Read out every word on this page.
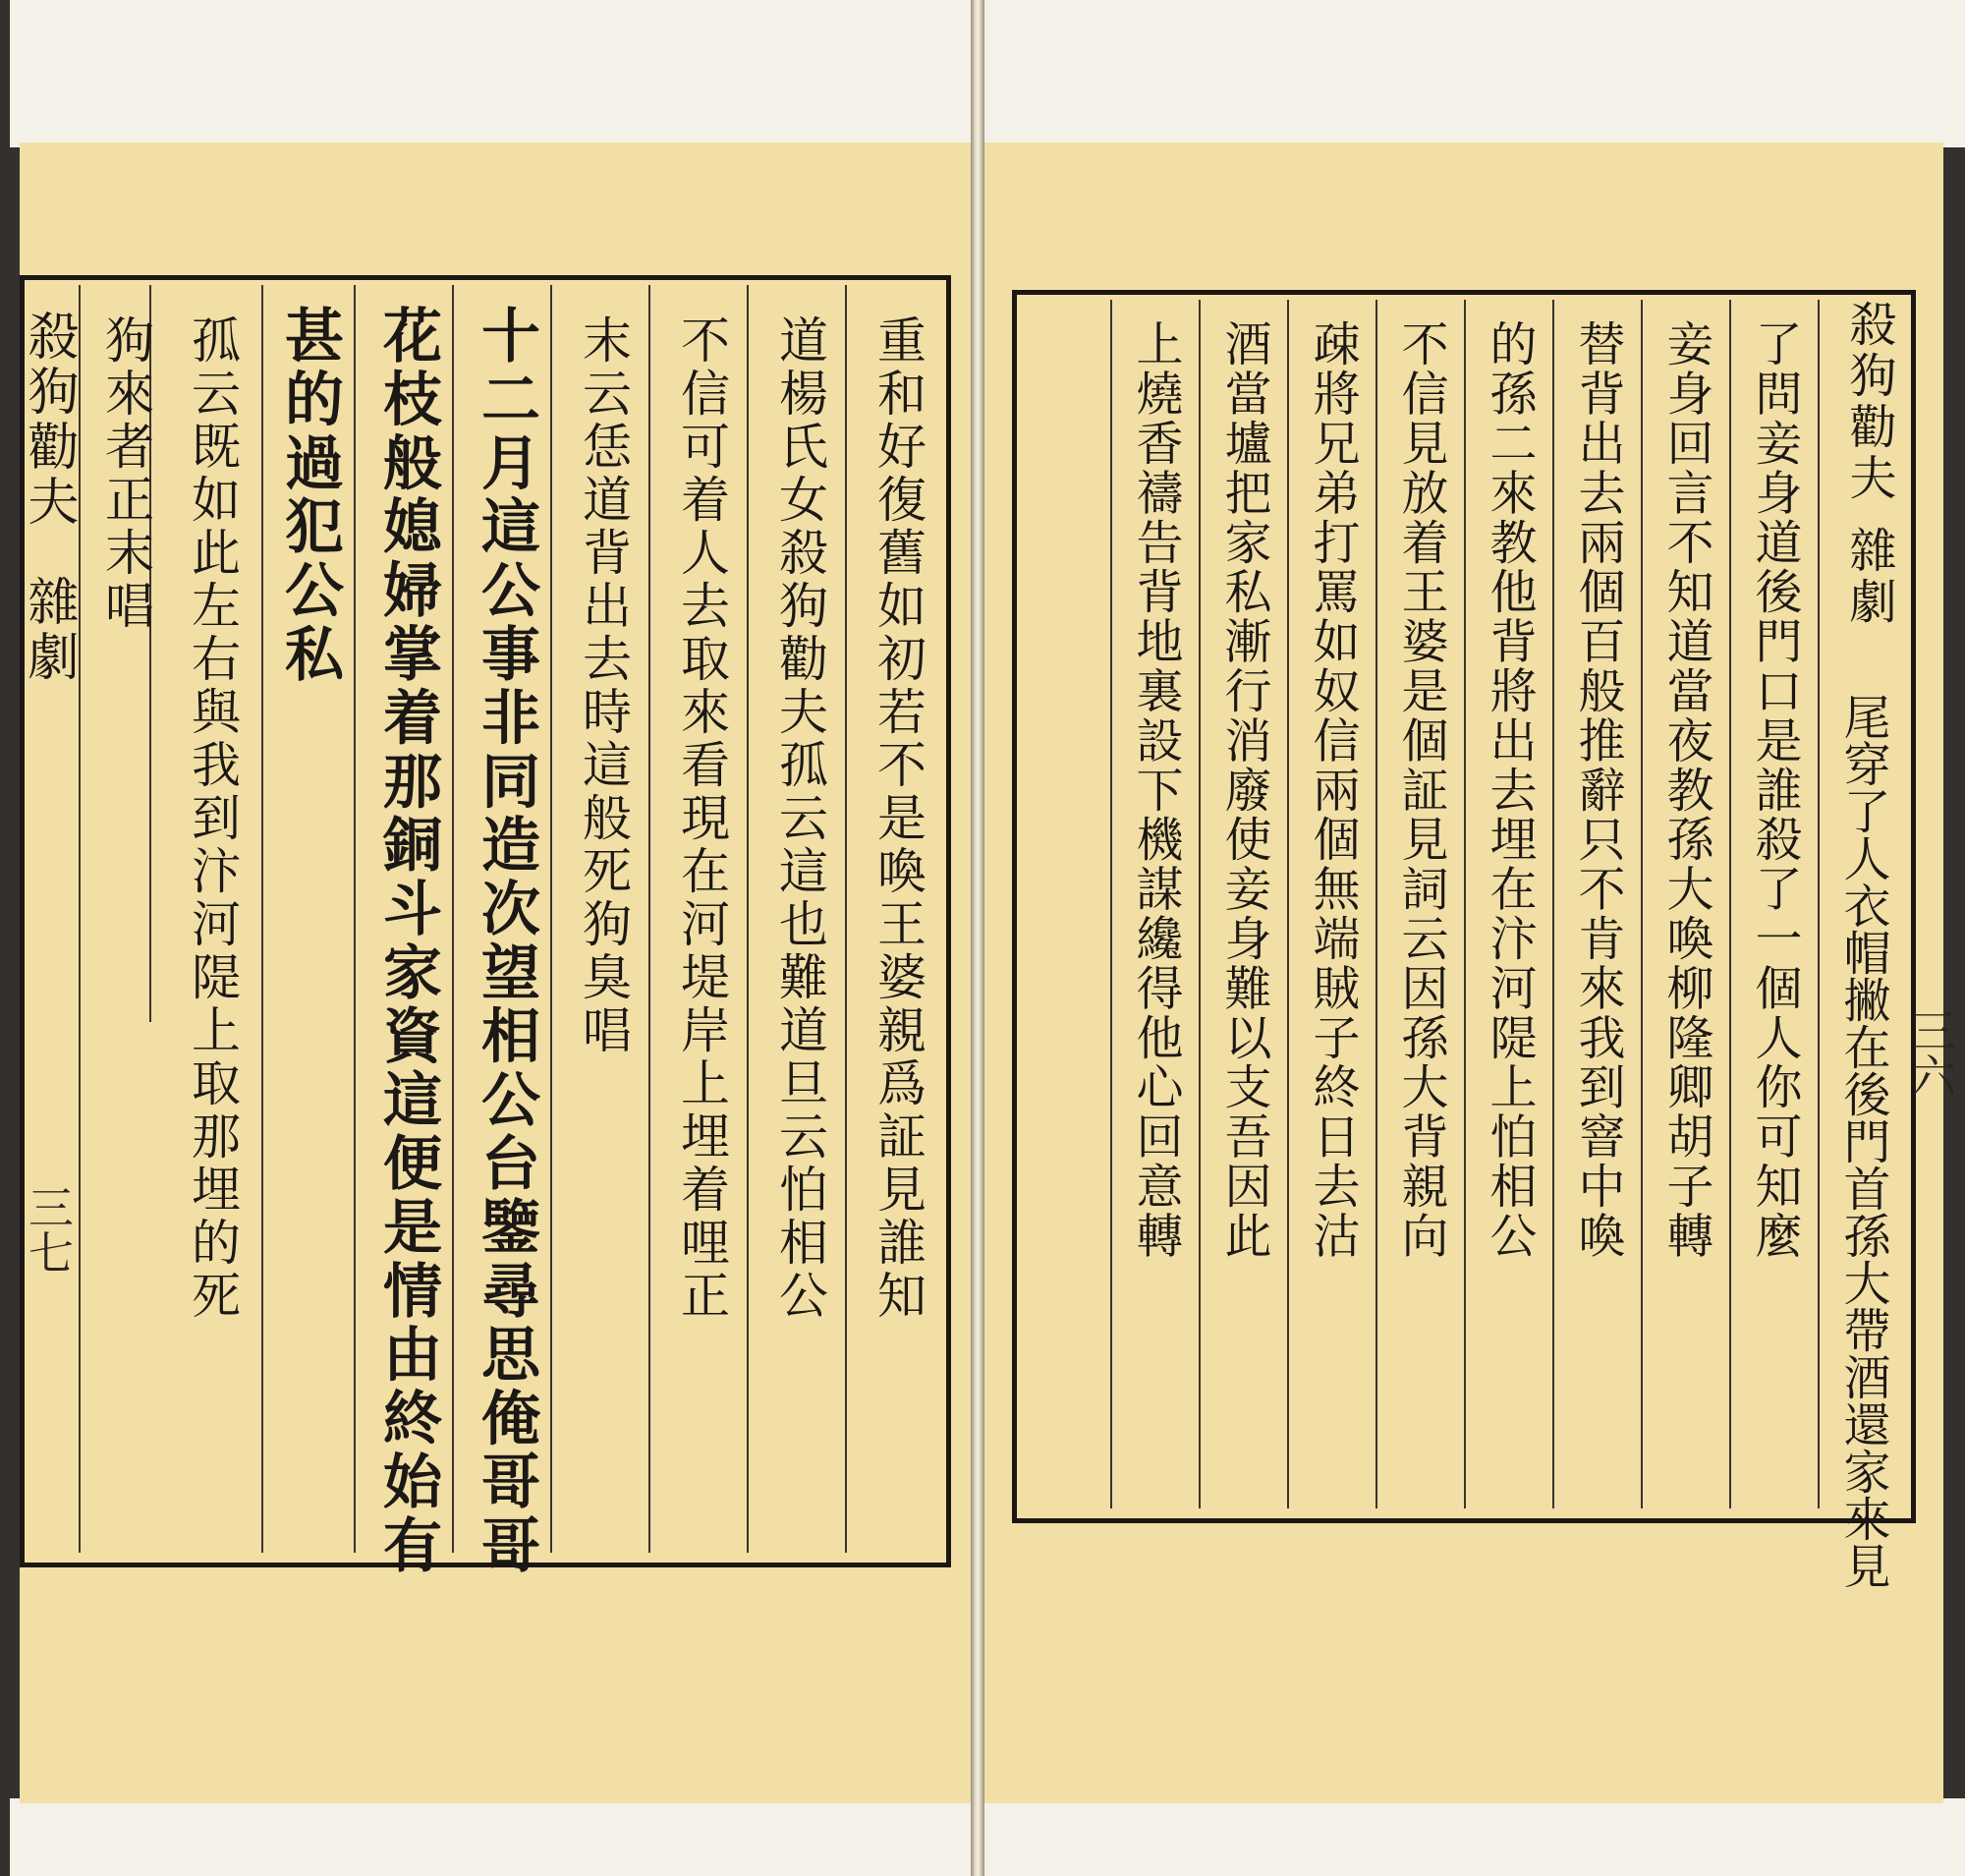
殺狗勸夫
雜劇
三七	重和好復舊如初若不是喚王婆親爲証見誰知
道楊氏女殺狗勸夫孤云這也難道旦云怕相公
不信可着人去取來看現在河堤岸上埋着哩正
末云恁道背出去時這般死狗臭唱
十二月這公事非同造次望相公台鑒尋思俺哥哥
花枝般媳婦掌着那銅斗家資這便是情由終始有
甚的過犯公私
孤云既如此左右與我到汴河隄上取那埋的死
狗來者正末唱	殺狗勸夫
雜劇
三六
尾穿了人衣帽撇在後門首孫大帶酒還家來見
了問妾身道後門口是誰殺了一個人你可知麼
妾身回言不知道當夜教孫大喚柳隆卿胡子轉
替背出去兩個百般推辭只不肯來我到窨中喚
的孫二來教他背將出去埋在汴河隄上怕相公
不信見放着王婆是個証見詞云因孫大背親向
疎將兄弟打罵如奴信兩個無端賊子終日去沽
酒當壚把家私漸行消廢使妾身難以支吾因此
上燒香禱告背地裏設下機謀纔得他心回意轉
